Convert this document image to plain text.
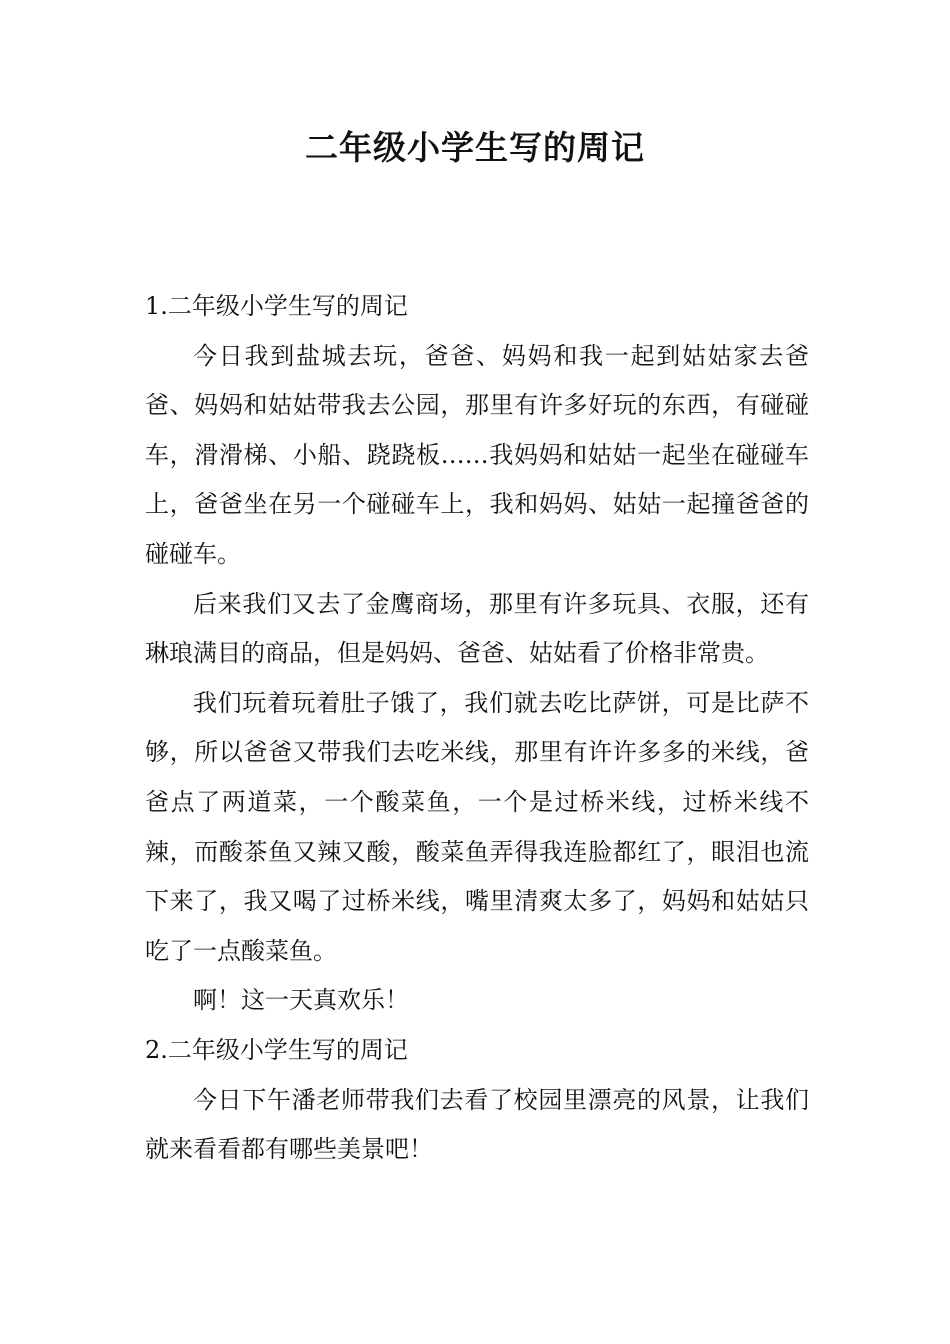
二年级小学生写的周记
1.二年级小学生写的周记

今日我到盐城去玩，爸爸、妈妈和我一起到姑姑家去爸爸、妈妈和姑姑带我去公园，那里有许多好玩的东西，有碰碰车，滑滑梯、小船、跷跷板……我妈妈和姑姑一起坐在碰碰车上，爸爸坐在另一个碰碰车上，我和妈妈、姑姑一起撞爸爸的碰碰车。

后来我们又去了金鹰商场，那里有许多玩具、衣服，还有琳琅满目的商品，但是妈妈、爸爸、姑姑看了价格非常贵。

我们玩着玩着肚子饿了，我们就去吃比萨饼，可是比萨不够，所以爸爸又带我们去吃米线，那里有许许多多的米线，爸爸点了两道菜，一个酸菜鱼，一个是过桥米线，过桥米线不辣，而酸茶鱼又辣又酸，酸菜鱼弄得我连脸都红了，眼泪也流下来了，我又喝了过桥米线，嘴里清爽太多了，妈妈和姑姑只吃了一点酸菜鱼。

啊！这一天真欢乐！

2.二年级小学生写的周记

今日下午潘老师带我们去看了校园里漂亮的风景，让我们就来看看都有哪些美景吧！
